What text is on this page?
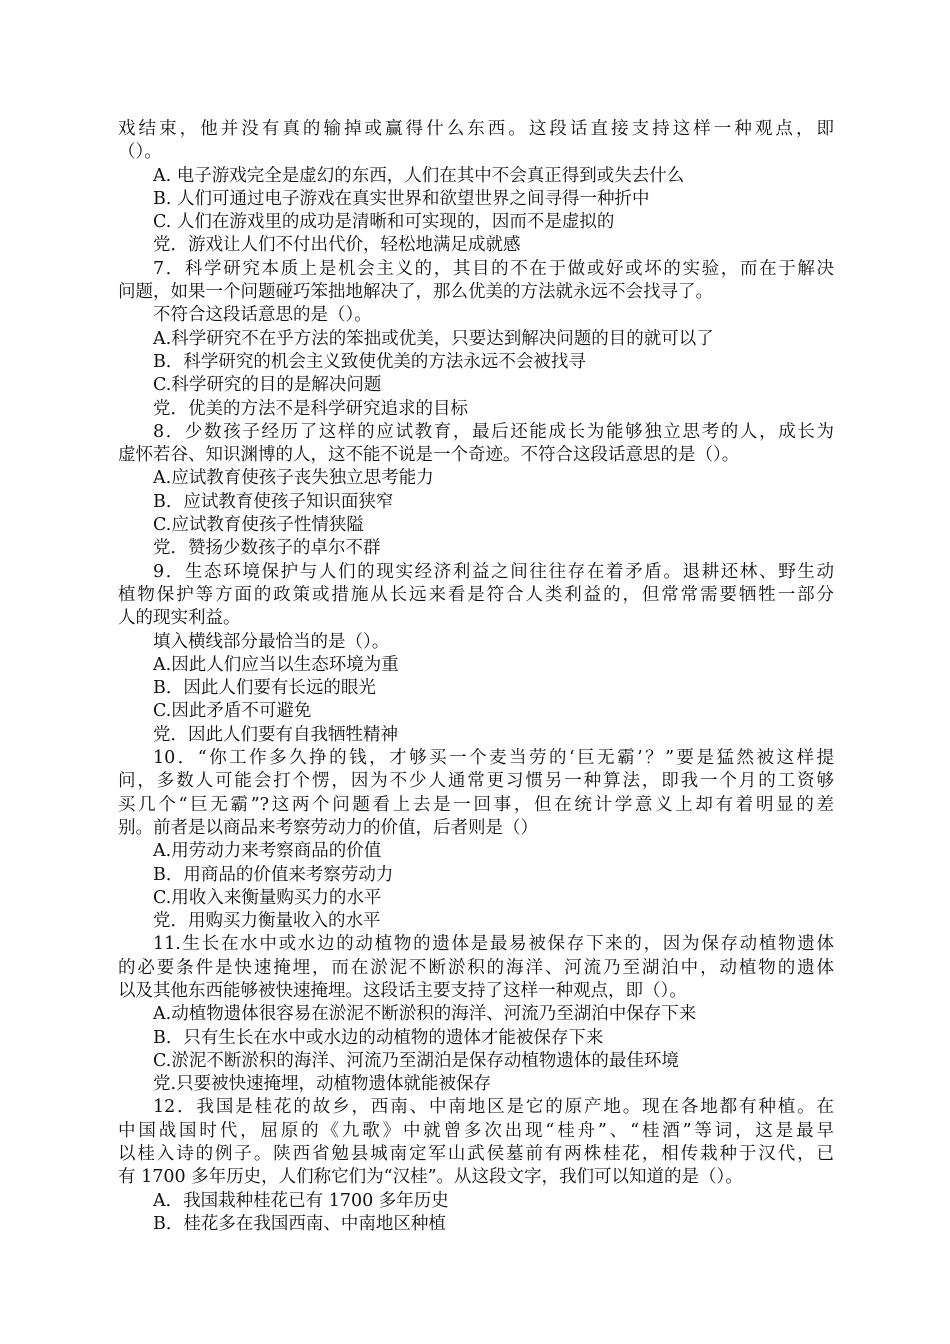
戏结束，他并没有真的输掉或赢得什么东西。这段话直接支持这样一种观点，即
（）。
A. 电子游戏完全是虚幻的东西，人们在其中不会真正得到或失去什么
B. 人们可通过电子游戏在真实世界和欲望世界之间寻得一种折中
C. 人们在游戏里的成功是清晰和可实现的，因而不是虚拟的
党．游戏让人们不付出代价，轻松地满足成就感
7．科学研究本质上是机会主义的，其目的不在于做或好或坏的实验，而在于解决
问题，如果一个问题碰巧笨拙地解决了，那么优美的方法就永远不会找寻了。
不符合这段话意思的是（）。
A.科学研究不在乎方法的笨拙或优美，只要达到解决问题的目的就可以了
B．科学研究的机会主义致使优美的方法永远不会被找寻
C.科学研究的目的是解决问题
党．优美的方法不是科学研究追求的目标
8．少数孩子经历了这样的应试教育，最后还能成长为能够独立思考的人，成长为
虚怀若谷、知识渊博的人，这不能不说是一个奇迹。不符合这段话意思的是（）。
A.应试教育使孩子丧失独立思考能力
B．应试教育使孩子知识面狭窄
C.应试教育使孩子性情狭隘
党．赞扬少数孩子的卓尔不群
9．生态环境保护与人们的现实经济利益之间往往存在着矛盾。退耕还林、野生动
植物保护等方面的政策或措施从长远来看是符合人类利益的，但常常需要牺牲一部分
人的现实利益。
填入横线部分最恰当的是（）。
A.因此人们应当以生态环境为重
B．因此人们要有长远的眼光
C.因此矛盾不可避免
党．因此人们要有自我牺牲精神
10．“你工作多久挣的钱，才够买一个麦当劳的‘巨无霸’？”要是猛然被这样提
问，多数人可能会打个愣，因为不少人通常更习惯另一种算法，即我一个月的工资够
买几个“巨无霸”?这两个问题看上去是一回事，但在统计学意义上却有着明显的差
别。前者是以商品来考察劳动力的价值，后者则是（）
A.用劳动力来考察商品的价值
B．用商品的价值来考察劳动力
C.用收入来衡量购买力的水平
党．用购买力衡量收入的水平
11.生长在水中或水边的动植物的遗体是最易被保存下来的，因为保存动植物遗体
的必要条件是快速掩埋，而在淤泥不断淤积的海洋、河流乃至湖泊中，动植物的遗体
以及其他东西能够被快速掩埋。这段话主要支持了这样一种观点，即（）。
A.动植物遗体很容易在淤泥不断淤积的海洋、河流乃至湖泊中保存下来
B．只有生长在水中或水边的动植物的遗体才能被保存下来
C.淤泥不断淤积的海洋、河流乃至湖泊是保存动植物遗体的最佳环境
党.只要被快速掩埋，动植物遗体就能被保存
12．我国是桂花的故乡，西南、中南地区是它的原产地。现在各地都有种植。在
中国战国时代，屈原的《九歌》中就曾多次出现“桂舟”、“桂酒”等词，这是最早
以桂入诗的例子。陕西省勉县城南定军山武侯墓前有两株桂花，相传栽种于汉代，已
有 1700 多年历史，人们称它们为“汉桂”。从这段文字，我们可以知道的是（）。
A．我国栽种桂花已有 1700 多年历史
B．桂花多在我国西南、中南地区种植
